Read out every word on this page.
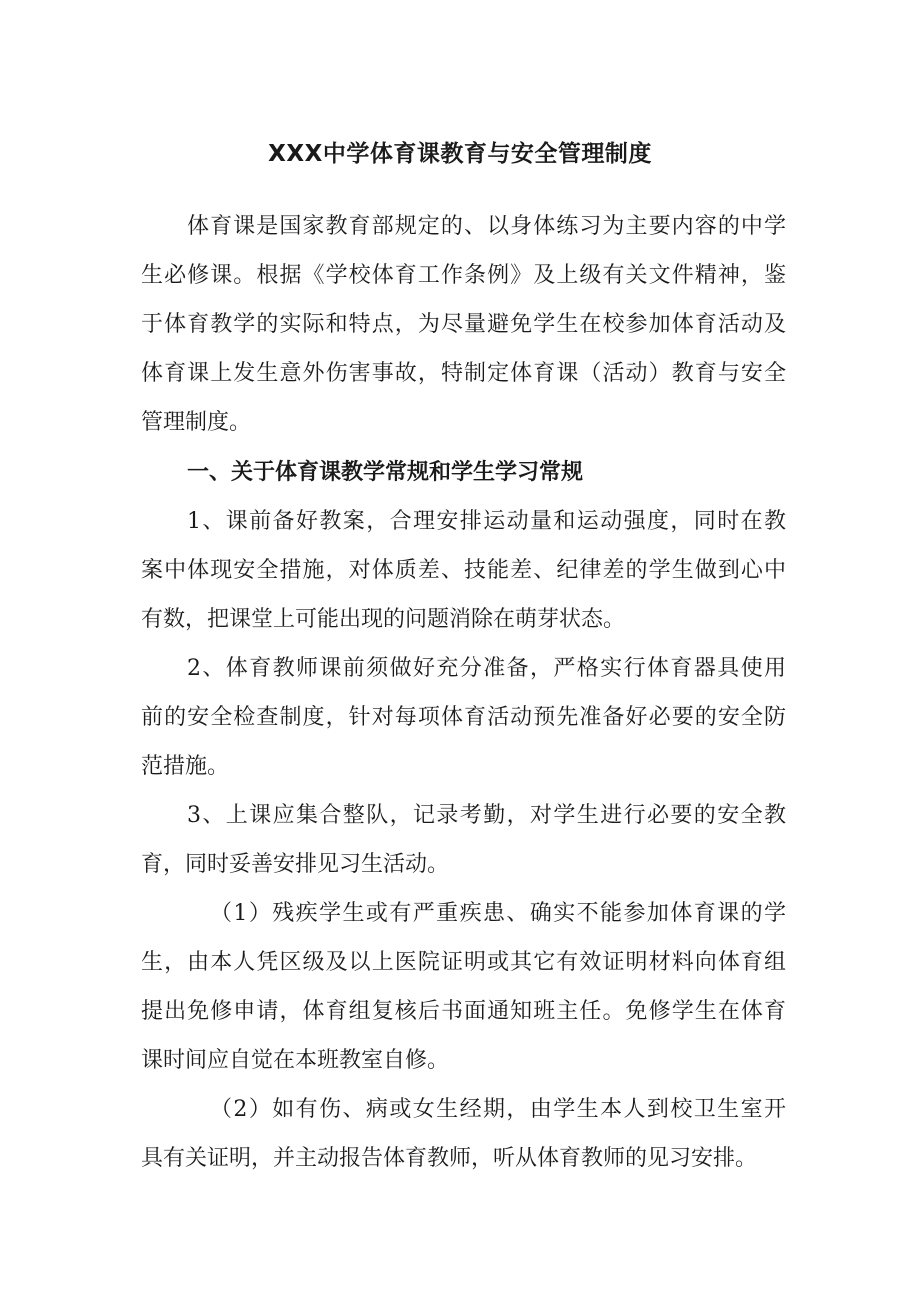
XXX中学体育课教育与安全管理制度

体育课是国家教育部规定的、以身体练习为主要内容的中学

生必修课。根据《学校体育工作条例》及上级有关文件精神，鉴

于体育教学的实际和特点，为尽量避免学生在校参加体育活动及

体育课上发生意外伤害事故，特制定体育课（活动）教育与安全

管理制度。

一、关于体育课教学常规和学生学习常规

1、课前备好教案，合理安排运动量和运动强度，同时在教

案中体现安全措施，对体质差、技能差、纪律差的学生做到心中

有数，把课堂上可能出现的问题消除在萌芽状态。

2、体育教师课前须做好充分准备，严格实行体育器具使用

前的安全检查制度，针对每项体育活动预先准备好必要的安全防

范措施。

3、上课应集合整队，记录考勤，对学生进行必要的安全教

育，同时妥善安排见习生活动。

（1）残疾学生或有严重疾患、确实不能参加体育课的学

生，由本人凭区级及以上医院证明或其它有效证明材料向体育组

提出免修申请，体育组复核后书面通知班主任。免修学生在体育

课时间应自觉在本班教室自修。

（2）如有伤、病或女生经期，由学生本人到校卫生室开

具有关证明，并主动报告体育教师，听从体育教师的见习安排。
